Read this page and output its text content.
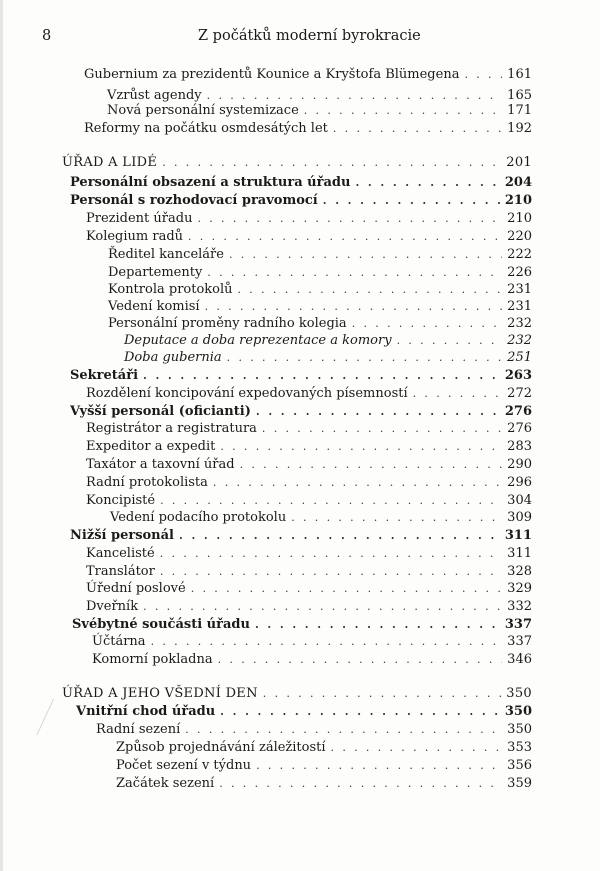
8	Z počátků moderní byrokracie
Gubernium za prezidentů Kounice a Kryštofa Blümegena . . .	161
Vzrůst agendy . . .	165
Nová personální systemizace . . .	171
Reformy na počátku osmdesátých let . . .	192
ÚŘAD A LIDÉ . . .	201
Personální obsazení a struktura úřadu . . .	204
Personál s rozhodovací pravomocí . . .	210
Prezident úřadu . . .	210
Kolegium radů . . .	220
Ředitel kanceláře . . .	222
Departementy . . .	226
Kontrola protokolů . . .	231
Vedení komisí . . .	231
Personální proměny radního kolegia . . .	232
Deputace a doba reprezentace a komory . . .	232
Doba gubernia . . .	251
Sekretáři . . .	263
Rozdělení koncipování expedovaných písemností . . .	272
Vyšší personál (oficianti) . . .	276
Registrátor a registratura . . .	276
Expeditor a expedit . . .	283
Taxátor a taxovní úřad . . .	290
Radní protokolista . . .	296
Koncipisté . . .	304
Vedení podacího protokolu . . .	309
Nižší personál . . .	311
Kancelisté . . .	311
Translátor . . .	328
Úřední poslové . . .	329
Dveřník . . .	332
Svébytné součásti úřadu . . .	337
Účtárna . . .	337
Komorní pokladna . . .	346
ÚŘAD A JEHO VŠEDNÍ DEN . . .	350
Vnitřní chod úřadu . . .	350
Radní sezení . . .	350
Způsob projednávání záležitostí . . .	353
Počet sezení v týdnu . . .	356
Začátek sezení . . .	359
